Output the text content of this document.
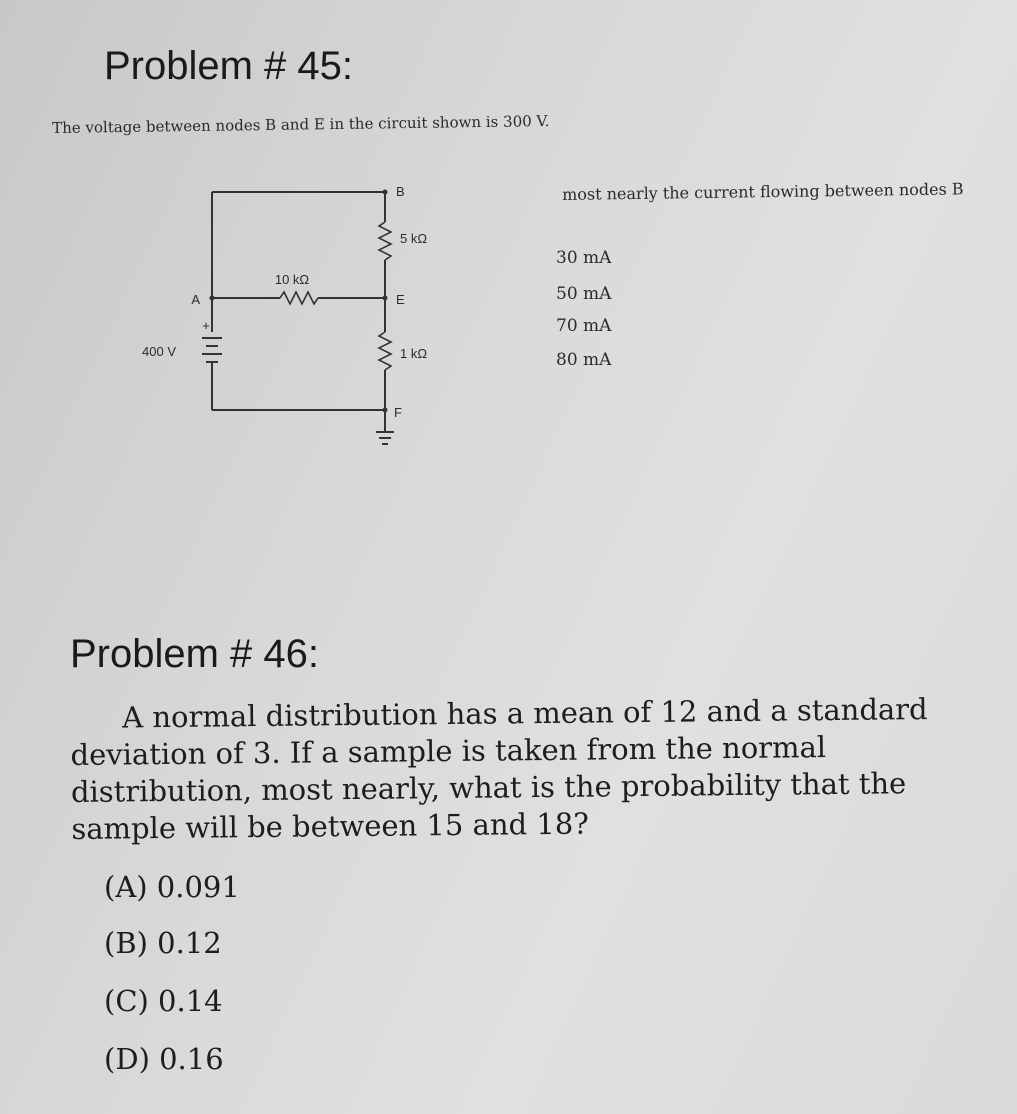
Problem # 45:
The voltage between nodes B and E in the circuit shown is 300 V.
+
400 V
10 kΩ
A
B
5 kΩ
E
1 kΩ
F
most nearly the current flowing between nodes B
30 mA
50 mA
70 mA
80 mA
Problem # 46:
A normal distribution has a mean of 12 and a standard deviation of 3. If a sample is taken from the normal distribution, most nearly, what is the probability that the sample will be between 15 and 18?
(A) 0.091
(B) 0.12
(C) 0.14
(D) 0.16
